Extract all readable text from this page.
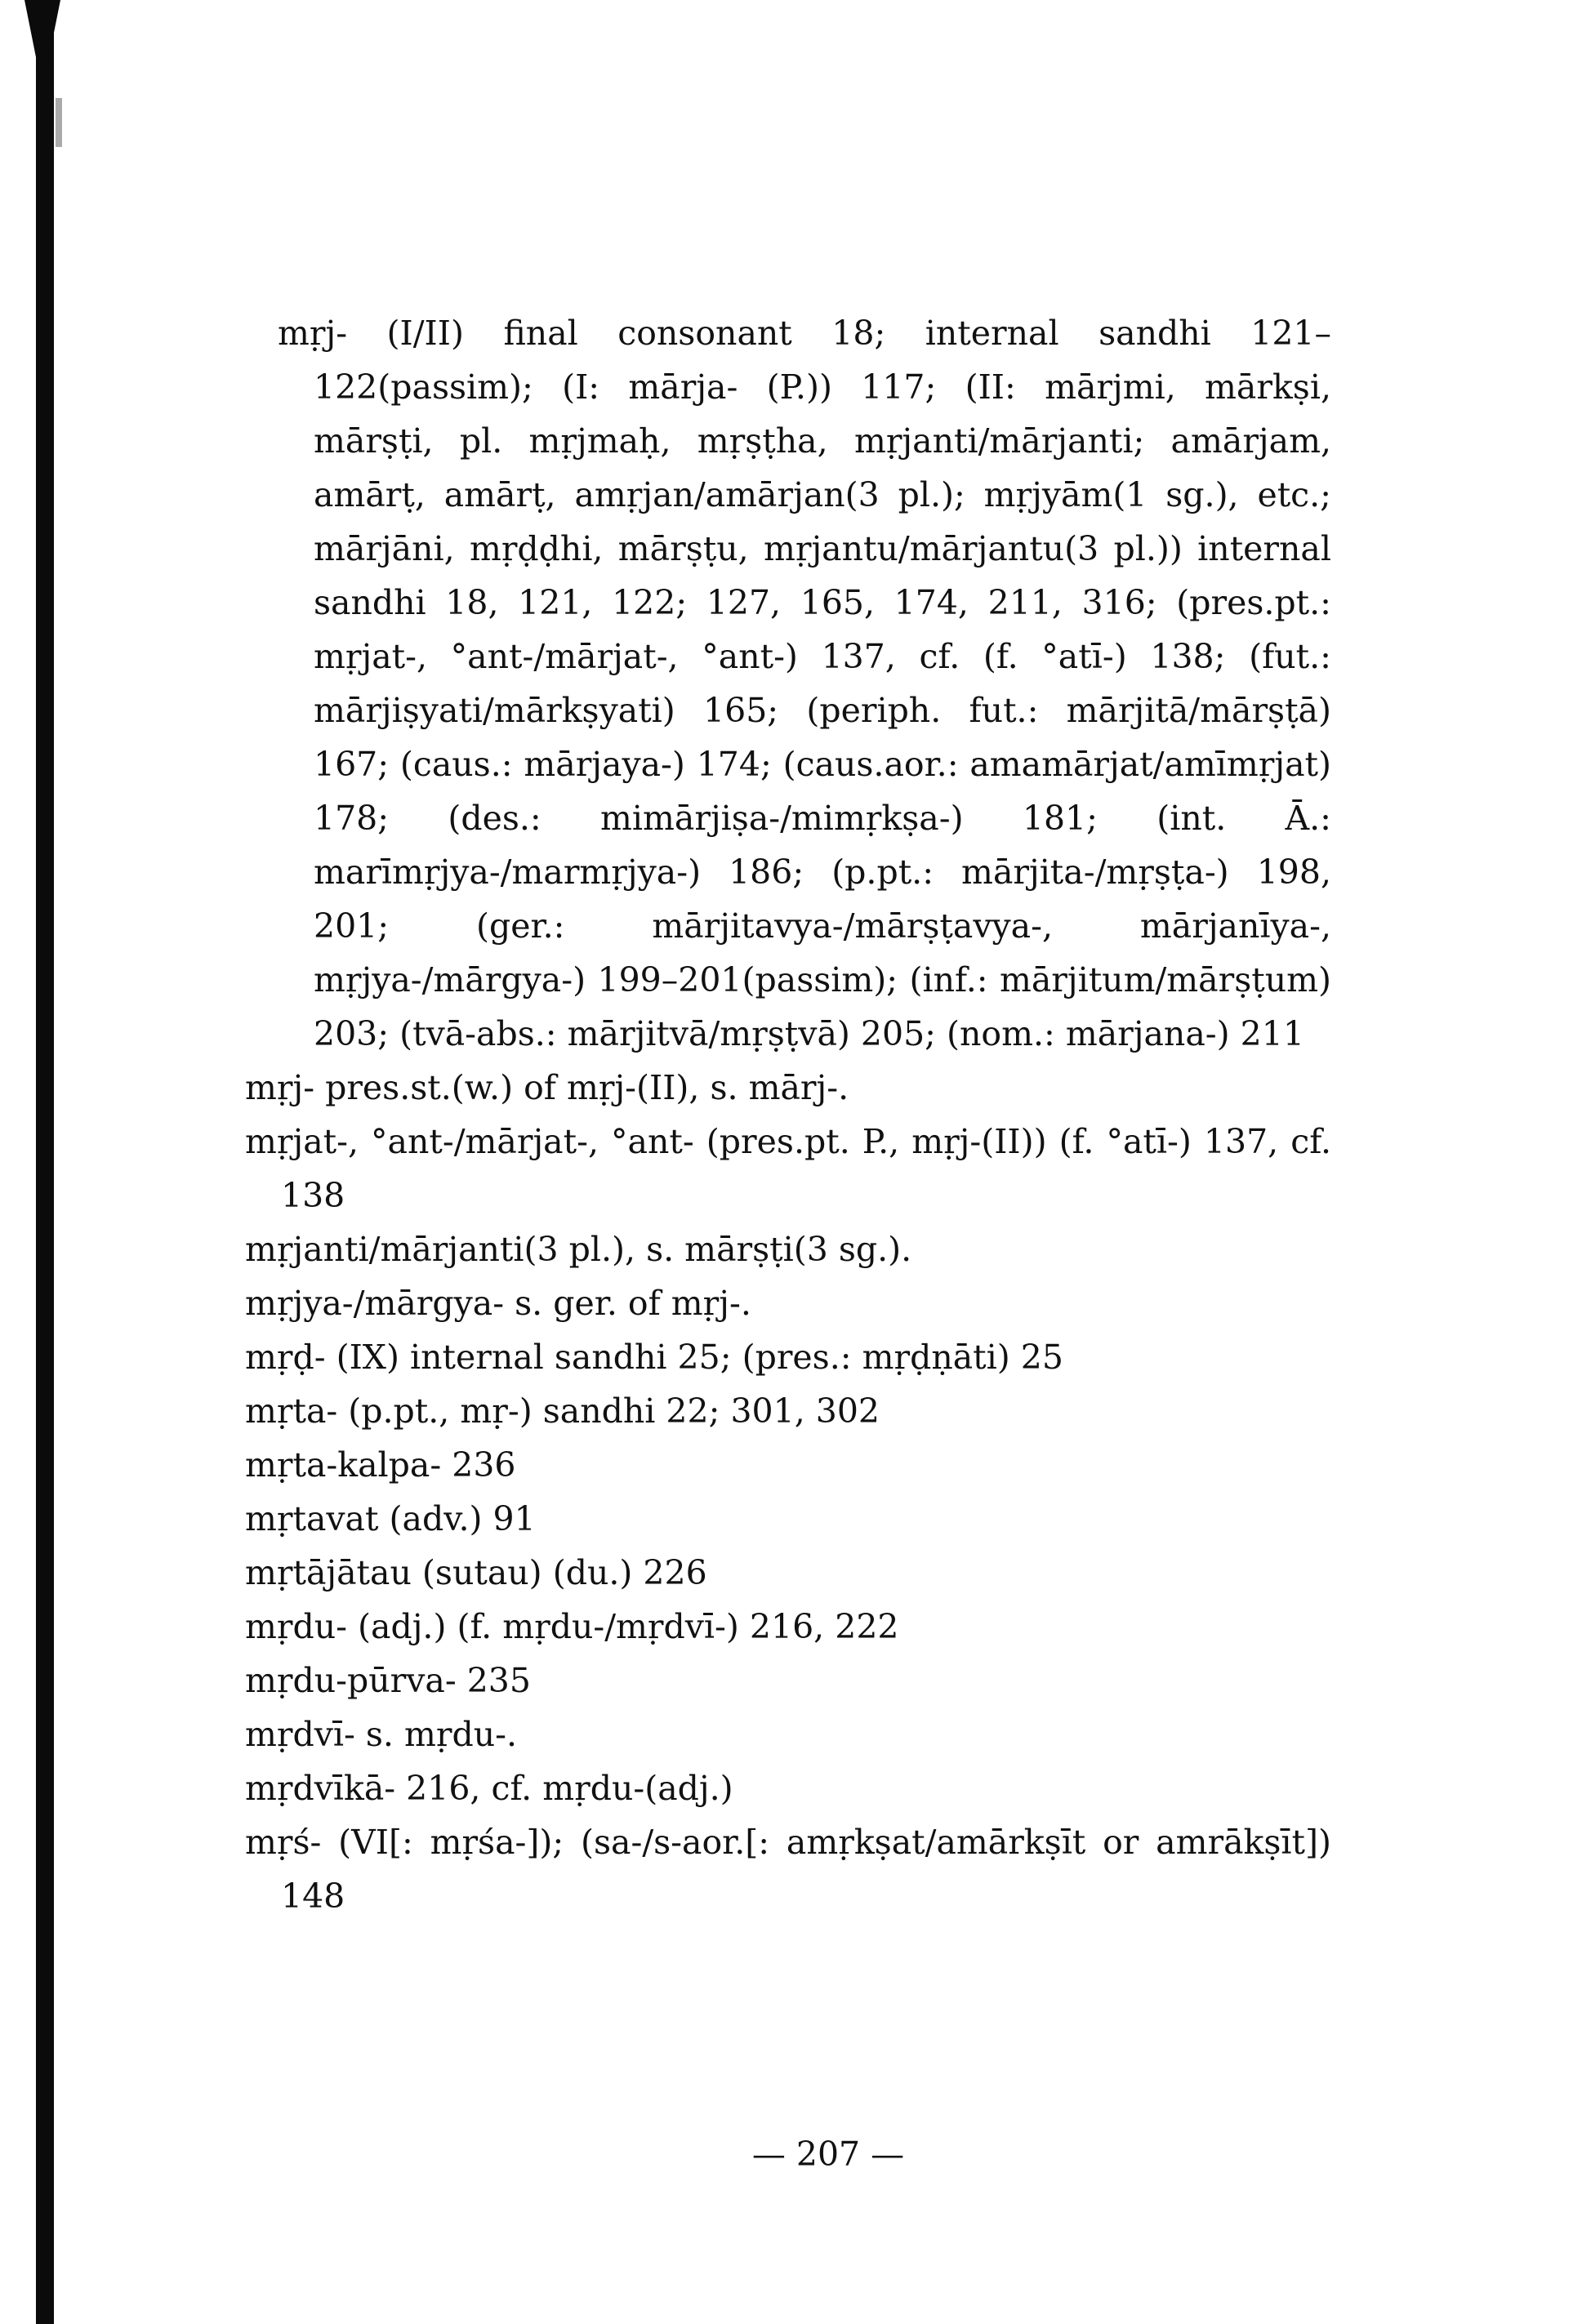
mṛj- (I/II) final consonant 18; internal sandhi 121–122(passim); (I: mārja- (P.)) 117; (II: mārjmi, mārkṣi, mārṣṭi, pl. mṛjmaḥ, mṛṣṭha, mṛjanti/mārjanti; amārjam, amārṭ, amārṭ, amṛjan/amārjan(3 pl.); mṛjyām(1 sg.), etc.; mārjāni, mṛḍḍhi, mārṣṭu, mṛjantu/mārjantu(3 pl.)) internal sandhi 18, 121, 122; 127, 165, 174, 211, 316; (pres.pt.: mṛjat-, °ant-/mārjat-, °ant-) 137, cf. (f. °atī-) 138; (fut.: mārjiṣyati/mārkṣyati) 165; (periph. fut.: mārjitā/mārṣṭā) 167; (caus.: mārjaya-) 174; (caus.aor.: amamārjat/amīmṛjat) 178; (des.: mimārjiṣa-/mimṛkṣa-) 181; (int. Ā.: marīmṛjya-/marmṛjya-) 186; (p.pt.: mārjita-/mṛṣṭa-) 198, 201; (ger.: mārjitavya-/mārṣṭavya-, mārjanīya-, mṛjya-/mārgya-) 199–201(passim); (inf.: mārjitum/mārṣṭum) 203; (tvā-abs.: mārjitvā/mṛṣṭvā) 205; (nom.: mārjana-) 211

mṛj- pres.st.(w.) of mṛj-(II), s. mārj-.

mṛjat-, °ant-/mārjat-, °ant- (pres.pt. P., mṛj-(II)) (f. °atī-) 137, cf. 138

mṛjanti/mārjanti(3 pl.), s. mārṣṭi(3 sg.).

mṛjya-/mārgya- s. ger. of mṛj-.

mṛḍ- (IX) internal sandhi 25; (pres.: mṛḍṇāti) 25

mṛta- (p.pt., mṛ-) sandhi 22; 301, 302

mṛta-kalpa- 236

mṛtavat (adv.) 91

mṛtājātau (sutau) (du.) 226

mṛdu- (adj.) (f. mṛdu-/mṛdvī-) 216, 222

mṛdu-pūrva- 235

mṛdvī- s. mṛdu-.

mṛdvīkā- 216, cf. mṛdu-(adj.)

mṛś- (VI[: mṛśa-]); (sa-/s-aor.[: amṛkṣat/amārkṣīt or amrākṣīt]) 148

— 207 —
